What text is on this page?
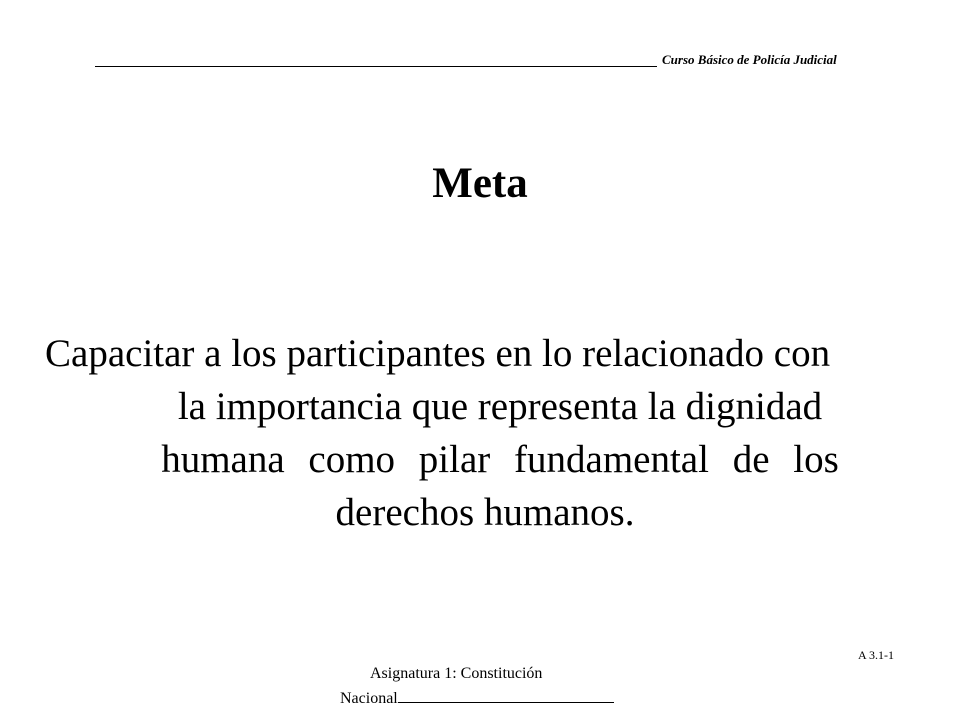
Curso Básico de Policía Judicial
Meta
Capacitar a los participantes en lo relacionado con
la importancia que representa la dignidad
humana como pilar fundamental de los
derechos humanos.
A 3.1-1
Asignatura 1: Constitución
Nacional
